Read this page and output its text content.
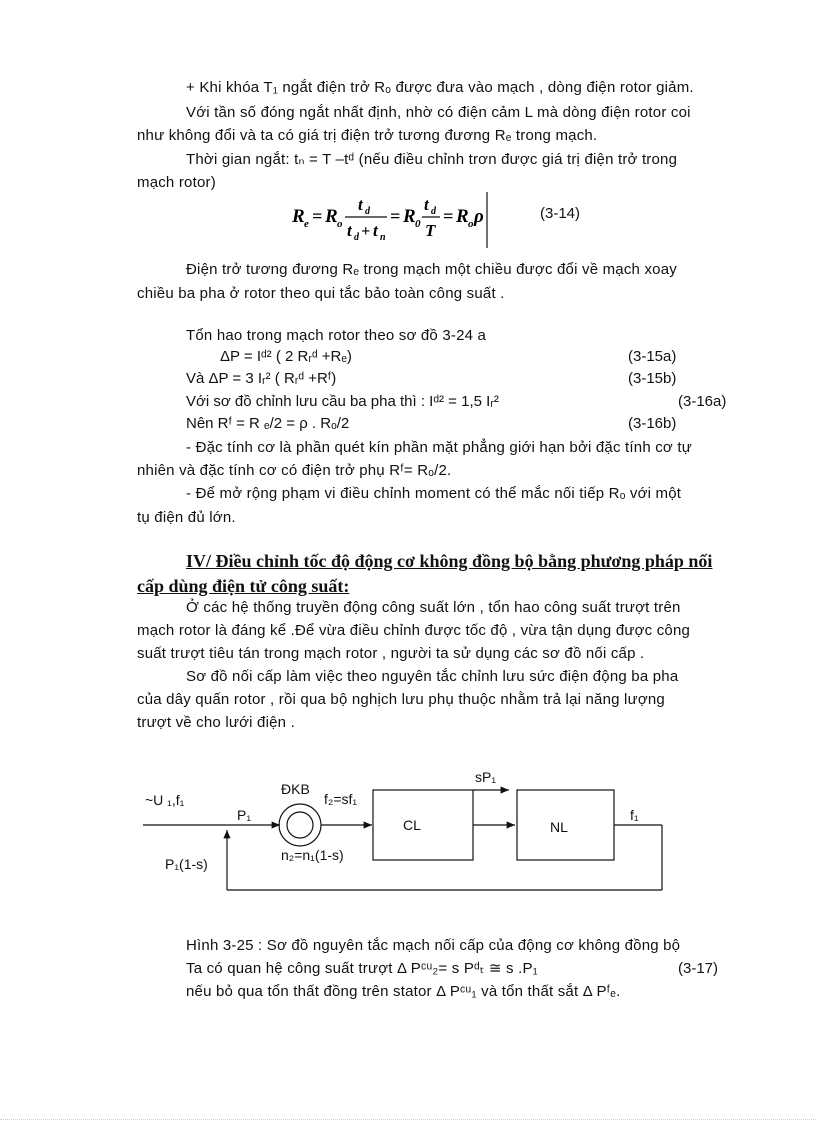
+ Khi khóa T₁ ngắt điện trở Rₒ được đưa vào mạch , dòng điện rotor giảm.
Với tần số đóng ngắt nhất định, nhờ có điện cảm L mà dòng điện rotor coi
như không đổi và ta có giá trị điện trở tương đương Rₑ trong mạch.
Thời gian ngắt: tₙ = T –tᵈ (nếu điều chỉnh trơn được giá trị điện trở trong
mạch rotor)
R e = R o
t d
t d + t n
= R 0
t d
T
= R o ρ	(3-14)
Điện trở tương đương Rₑ trong mạch một chiều được đổi về mạch xoay
chiều ba pha ở rotor theo qui tắc bảo toàn công suất .
Tổn hao trong mạch rotor theo sơ đồ 3-24 a
ΔP = Iᵈ² ( 2 Rᵣᵈ +Rₑ)	(3-15a)
Và ΔP = 3 Iᵣ² ( Rᵣᵈ +Rᶠ)	(3-15b)
Với sơ đồ chỉnh lưu cầu ba pha thì : Iᵈ² = 1,5 Iᵣ²	(3-16a)
Nên Rᶠ = R ₑ/2 = ρ . Rₒ/2	(3-16b)
- Đặc tính cơ là phần quét kín phần mặt phẳng giới hạn bởi đặc tính cơ tự
nhiên và đặc tính cơ có điện trở phụ Rᶠ= Rₒ/2.
- Để mở rộng phạm vi điều chỉnh moment có thể mắc nối tiếp Rₒ với một
tụ điện đủ lớn.
IV/ Điều chỉnh tốc độ động cơ không đồng bộ bằng phương pháp nối
cấp dùng điện tử công suất:
Ở các hệ thống truyền động công suất lớn , tổn hao công suất trượt trên
mạch rotor là đáng kể .Để vừa điều chỉnh được tốc độ , vừa tận dụng được công
suất trượt tiêu tán trong mạch rotor , người ta sử dụng các sơ đồ nối cấp .
Sơ đồ nối cấp làm việc theo nguyên tắc chỉnh lưu sức điện động ba pha
của dây quấn rotor , rồi qua bộ nghịch lưu phụ thuộc nhằm trả lại năng lượng
trượt về cho lưới điện .
~U ₁,f₁
P₁
ĐKB
f₂=sf₁
n₂=n₁(1-s)
P₁(1-s)
sP₁
CL	NL
f₁
Hình 3-25 : Sơ đồ nguyên tắc mạch nối cấp của động cơ không đồng bộ
Ta có quan hệ công suất trượt Δ Pᶜᵘ₂= s Pᵈₜ ≅ s .P₁	(3-17)
nếu bỏ qua tổn thất đồng trên stator Δ Pᶜᵘ₁ và tổn thất sắt Δ Pᶠₑ.
